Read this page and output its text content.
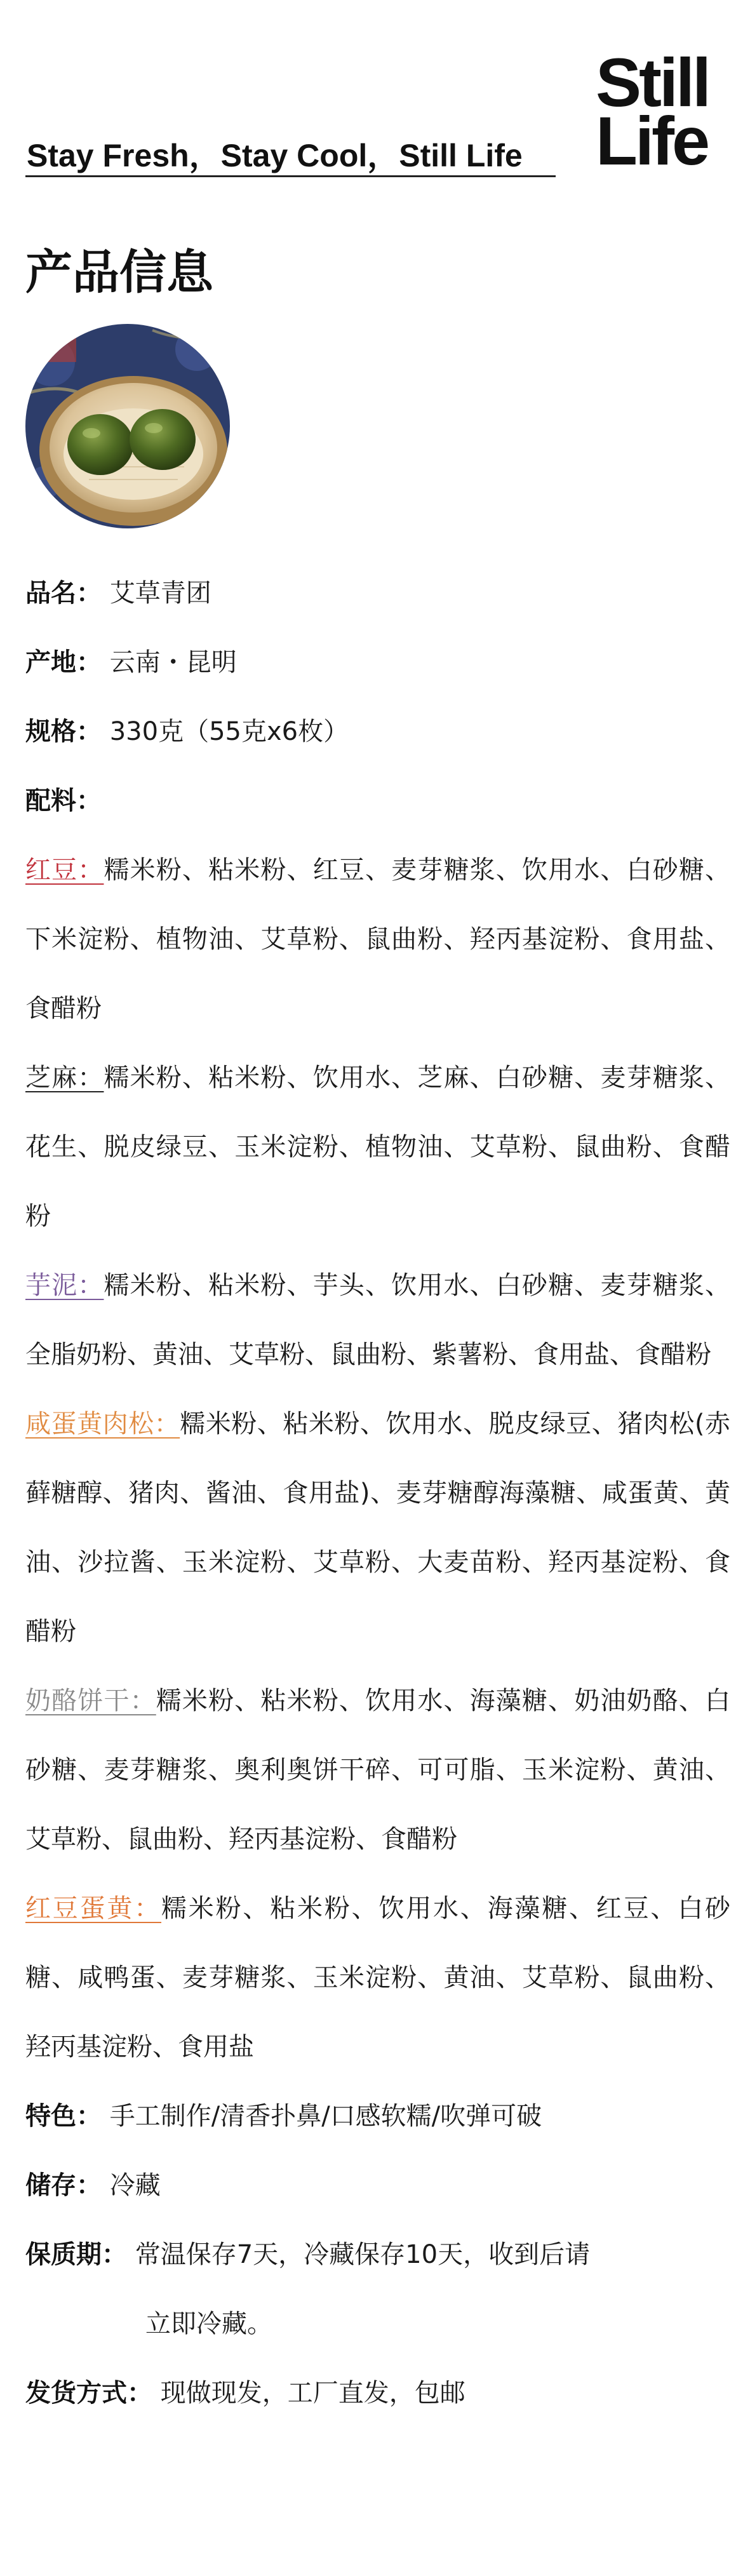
Stay Fresh，Stay Cool，Still Life
Still
Life
产品信息
品名： 艾草青团
产地： 云南・昆明
规格： 330克（55克x6枚）
配料：
红豆：糯米粉、粘米粉、红豆、麦芽糖浆、饮用水、白砂糖、下米淀粉、植物油、艾草粉、鼠曲粉、羟丙基淀粉、食用盐、食醋粉
芝麻：糯米粉、粘米粉、饮用水、芝麻、白砂糖、麦芽糖浆、花生、脱皮绿豆、玉米淀粉、植物油、艾草粉、鼠曲粉、食醋粉
芋泥：糯米粉、粘米粉、芋头、饮用水、白砂糖、麦芽糖浆、全脂奶粉、黄油、艾草粉、鼠曲粉、紫薯粉、食用盐、食醋粉
咸蛋黄肉松：糯米粉、粘米粉、饮用水、脱皮绿豆、猪肉松(赤藓糖醇、猪肉、酱油、食用盐)、麦芽糖醇海藻糖、咸蛋黄、黄油、沙拉酱、玉米淀粉、艾草粉、大麦苗粉、羟丙基淀粉、食醋粉
奶酪饼干：糯米粉、粘米粉、饮用水、海藻糖、奶油奶酪、白砂糖、麦芽糖浆、奥利奥饼干碎、可可脂、玉米淀粉、黄油、艾草粉、鼠曲粉、羟丙基淀粉、食醋粉
红豆蛋黄：糯米粉、粘米粉、饮用水、海藻糖、红豆、白砂糖、咸鸭蛋、麦芽糖浆、玉米淀粉、黄油、艾草粉、鼠曲粉、羟丙基淀粉、食用盐
特色： 手工制作/清香扑鼻/口感软糯/吹弹可破
储存： 冷藏
保质期： 常温保存7天，冷藏保存10天，收到后请
立即冷藏。
发货方式： 现做现发，工厂直发，包邮
